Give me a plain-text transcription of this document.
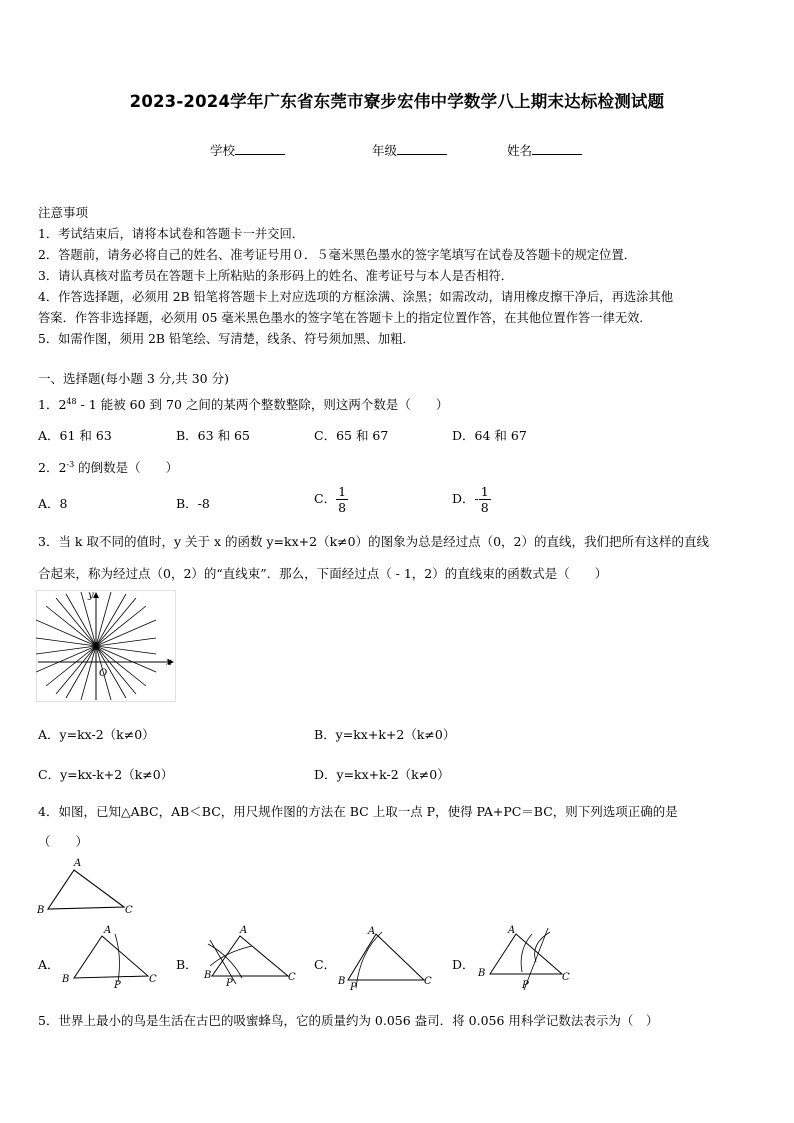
2023-2024学年广东省东莞市寮步宏伟中学数学八上期末达标检测试题
学校	年级	姓名
注意事项
1．考试结束后，请将本试卷和答题卡一并交回．
2．答题前，请务必将自己的姓名、准考证号用０．５毫米黑色墨水的签字笔填写在试卷及答题卡的规定位置．
3．请认真核对监考员在答题卡上所粘贴的条形码上的姓名、准考证号与本人是否相符．
4．作答选择题，必须用 2B 铅笔将答题卡上对应选项的方框涂满、涂黑；如需改动，请用橡皮擦干净后，再选涂其他
答案．作答非选择题，必须用 05 毫米黑色墨水的签字笔在答题卡上的指定位置作答，在其他位置作答一律无效．
5．如需作图，须用 2B 铅笔绘、写清楚，线条、符号须加黑、加粗．
一、选择题(每小题 3 分,共 30 分)
1．$2^{48} - 1$ 能被 60 到 70 之间的某两个整数整除，则这两个数是（　　）
A．61 和 63	B．63 和 65	C．65 和 67	D．64 和 67
2．$2^{-3}$ 的倒数是（　　）
A．8	B．-8	C． $\frac{1}{8}$	D．- $\frac{1}{8}$
3．当 k 取不同的值时，y 关于 x 的函数 y=kx+2（k≠0）的图象为总是经过点（0，2）的直线，我们把所有这样的直线
合起来，称为经过点（0，2）的“直线束”．那么，下面经过点（ - 1，2）的直线束的函数式是（　　）
x
y
O
A．y=kx-2（k≠0）	B．y=kx+k+2（k≠0）
C．y=kx-k+2（k≠0）	D．y=kx+k-2（k≠0）
4．如图，已知△ABC，AB＜BC，用尺规作图的方法在 BC 上取一点 P，使得 PA+PC＝BC，则下列选项正确的是
（　　）
A
B	C
A．
A
B	C
P
B．
A
B	C
P
C．
A
B	C
P
D．
A
B	C
P
5．世界上最小的鸟是生活在古巴的吸蜜蜂鸟，它的质量约为 0.056 盎司．将 0.056 用科学记数法表示为（　）
